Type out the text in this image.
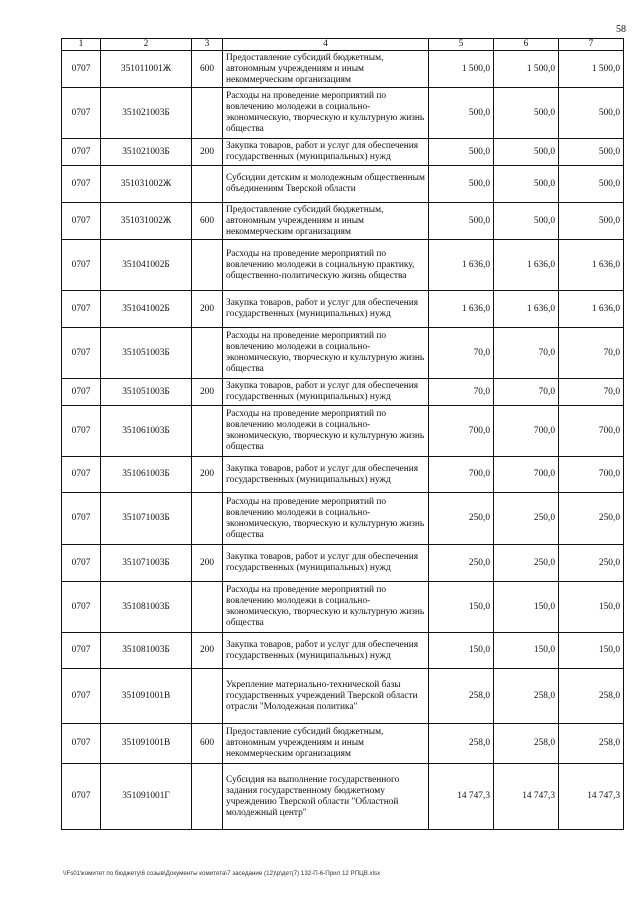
58
1	2	3	4	5	6	7
0707	351011001Ж	600	Предоставление субсидий бюджетным, автономным учреждениям и иным некоммерческим организациям	1 500,0	1 500,0	1 500,0
0707	351021003Б		Расходы на проведение мероприятий по вовлечению молодежи в социально-экономическую, творческую и культурную жизнь общества	500,0	500,0	500,0
0707	351021003Б	200	Закупка товаров, работ и услуг для обеспечения государственных (муниципальных) нужд	500,0	500,0	500,0
0707	351031002Ж		Субсидии детским и молодежным общественным объединениям Тверской области	500,0	500,0	500,0
0707	351031002Ж	600	Предоставление субсидий бюджетным, автономным учреждениям и иным некоммерческим организациям	500,0	500,0	500,0
0707	351041002Б		Расходы на проведение мероприятий по вовлечению молодежи в социальную практику, общественно-политическую жизнь общества	1 636,0	1 636,0	1 636,0
0707	351041002Б	200	Закупка товаров, работ и услуг для обеспечения государственных (муниципальных) нужд	1 636,0	1 636,0	1 636,0
0707	351051003Б		Расходы на проведение мероприятий по вовлечению молодежи в социально-экономическую, творческую и культурную жизнь общества	70,0	70,0	70,0
0707	351051003Б	200	Закупка товаров, работ и услуг для обеспечения государственных (муниципальных) нужд	70,0	70,0	70,0
0707	351061003Б		Расходы на проведение мероприятий по вовлечению молодежи в социально-экономическую, творческую и культурную жизнь общества	700,0	700,0	700,0
0707	351061003Б	200	Закупка товаров, работ и услуг для обеспечения государственных (муниципальных) нужд	700,0	700,0	700,0
0707	351071003Б		Расходы на проведение мероприятий по вовлечению молодежи в социально-экономическую, творческую и культурную жизнь общества	250,0	250,0	250,0
0707	351071003Б	200	Закупка товаров, работ и услуг для обеспечения государственных (муниципальных) нужд	250,0	250,0	250,0
0707	351081003Б		Расходы на проведение мероприятий по вовлечению молодежи в социально-экономическую, творческую и культурную жизнь общества	150,0	150,0	150,0
0707	351081003Б	200	Закупка товаров, работ и услуг для обеспечения государственных (муниципальных) нужд	150,0	150,0	150,0
0707	351091001В		Укрепление материально-технической базы государственных учреждений Тверской области отрасли "Молодежная политика"	258,0	258,0	258,0
0707	351091001В	600	Предоставление субсидий бюджетным, автономным учреждениям и иным некоммерческим организациям	258,0	258,0	258,0
0707	351091001Г		Субсидия на выполнение государственного задания государственному бюджетному учреждению Тверской области "Областной молодежный центр"	14 747,3	14 747,3	14 747,3
\\Fs01\комитет по бюджету\6 созыв\Документы комитета\7 заседание (12)\р\дет(7) 132-П-6-Прил 12 РПЦВ.xlsx
